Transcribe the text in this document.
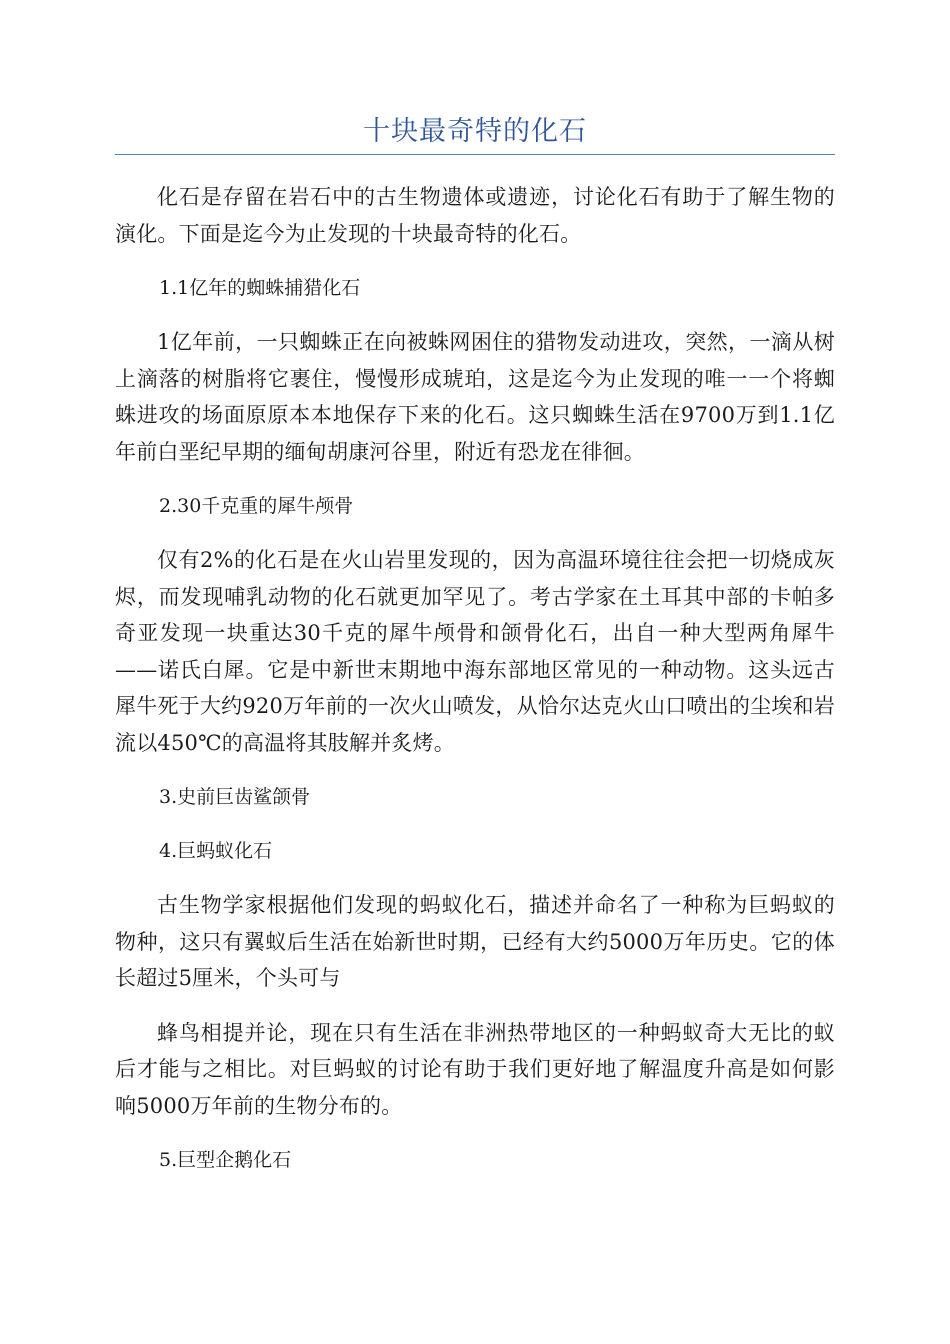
十块最奇特的化石

化石是存留在岩石中的古生物遗体或遗迹，讨论化石有助于了解生物的演化。下面是迄今为止发现的十块最奇特的化石。

1.1亿年的蜘蛛捕猎化石

1亿年前，一只蜘蛛正在向被蛛网困住的猎物发动进攻，突然，一滴从树上滴落的树脂将它裹住，慢慢形成琥珀，这是迄今为止发现的唯一一个将蜘蛛进攻的场面原原本本地保存下来的化石。这只蜘蛛生活在9700万到1.1亿年前白垩纪早期的缅甸胡康河谷里，附近有恐龙在徘徊。

2.30千克重的犀牛颅骨

仅有2%的化石是在火山岩里发现的，因为高温环境往往会把一切烧成灰烬，而发现哺乳动物的化石就更加罕见了。考古学家在土耳其中部的卡帕多奇亚发现一块重达30千克的犀牛颅骨和颌骨化石，出自一种大型两角犀牛——诺氏白犀。它是中新世末期地中海东部地区常见的一种动物。这头远古犀牛死于大约920万年前的一次火山喷发，从恰尔达克火山口喷出的尘埃和岩流以450℃的高温将其肢解并炙烤。

3.史前巨齿鲨颌骨

4.巨蚂蚁化石

古生物学家根据他们发现的蚂蚁化石，描述并命名了一种称为巨蚂蚁的物种，这只有翼蚁后生活在始新世时期，已经有大约5000万年历史。它的体长超过5厘米，个头可与

蜂鸟相提并论，现在只有生活在非洲热带地区的一种蚂蚁奇大无比的蚁后才能与之相比。对巨蚂蚁的讨论有助于我们更好地了解温度升高是如何影响5000万年前的生物分布的。

5.巨型企鹅化石
